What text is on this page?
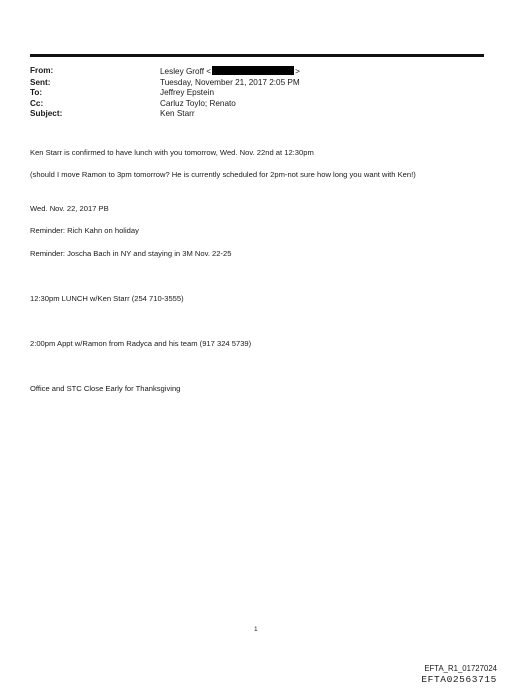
From:	Lesley Groff <	>
Sent:	Tuesday, November 21, 2017 2:05 PM
To:	Jeffrey Epstein
Cc:	Carluz Toylo; Renato
Subject:	Ken Starr
Ken Starr is confirmed to have lunch with you tomorrow, Wed. Nov. 22nd at 12:30pm
(should I move Ramon to 3pm tomorrow? He is currently scheduled for 2pm-not sure how long you want with Ken!)
Wed. Nov. 22, 2017 PB
Reminder: Rich Kahn on holiday
Reminder: Joscha Bach in NY and staying in 3M Nov. 22-25
12:30pm LUNCH w/Ken Starr (254 710-3555)
2:00pm Appt w/Ramon from Radyca and his team (917 324 5739)
Office and STC Close Early for Thanksgiving
1
EFTA_R1_01727024
EFTA02563715
